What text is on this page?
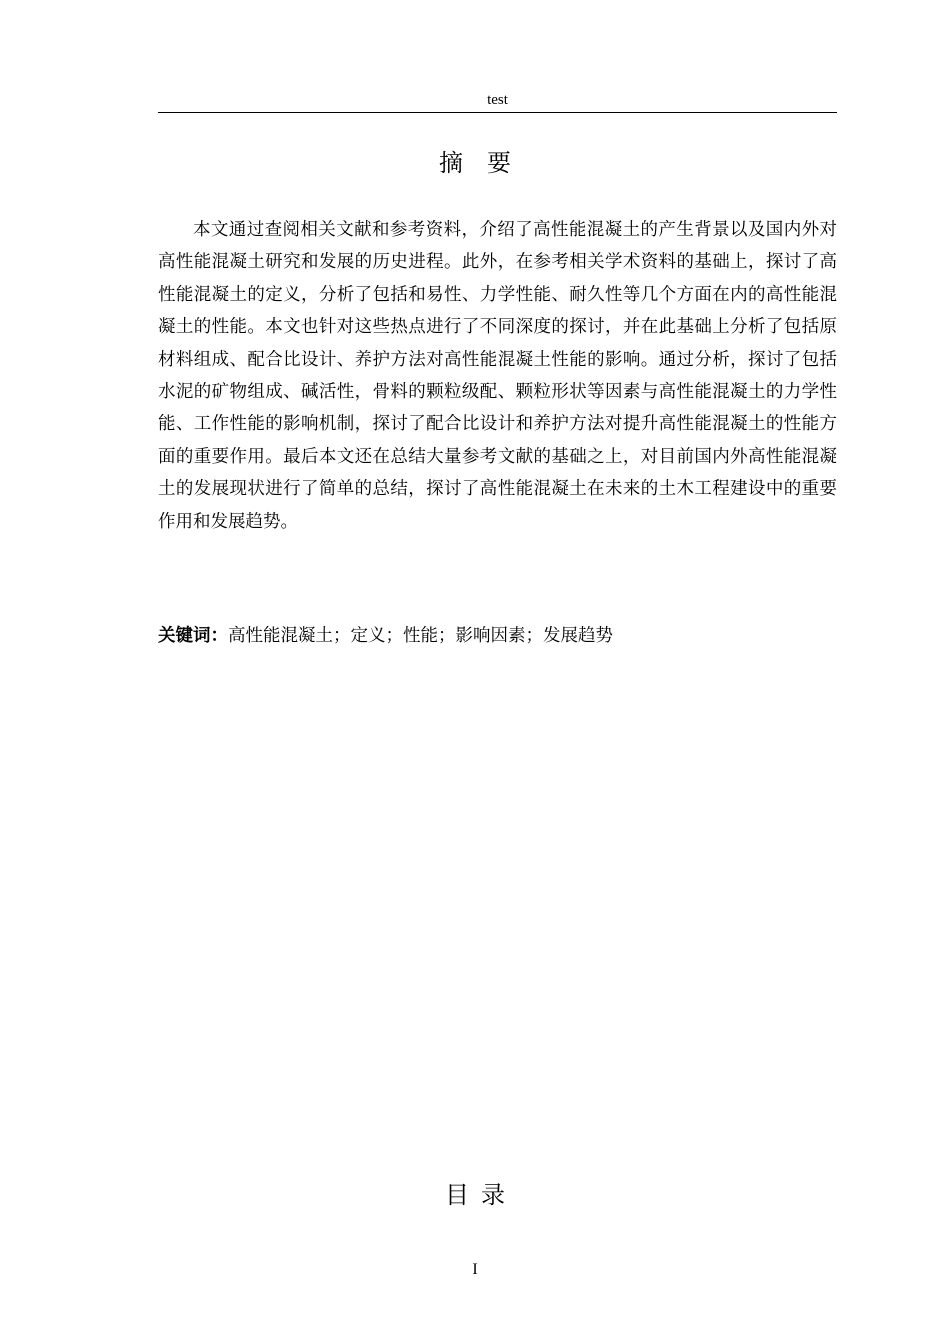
test
摘要

本文通过查阅相关文献和参考资料，介绍了高性能混凝土的产生背景以及国内外对高性能混凝土研究和发展的历史进程。此外，在参考相关学术资料的基础上，探讨了高性能混凝土的定义，分析了包括和易性、力学性能、耐久性等几个方面在内的高性能混凝土的性能。本文也针对这些热点进行了不同深度的探讨，并在此基础上分析了包括原材料组成、配合比设计、养护方法对高性能混凝土性能的影响。通过分析，探讨了包括水泥的矿物组成、碱活性，骨料的颗粒级配、颗粒形状等因素与高性能混凝土的力学性能、工作性能的影响机制，探讨了配合比设计和养护方法对提升高性能混凝土的性能方面的重要作用。最后本文还在总结大量参考文献的基础之上，对目前国内外高性能混凝土的发展现状进行了简单的总结，探讨了高性能混凝土在未来的土木工程建设中的重要作用和发展趋势。

关键词：高性能混凝土；定义；性能；影响因素；发展趋势

目录
I
